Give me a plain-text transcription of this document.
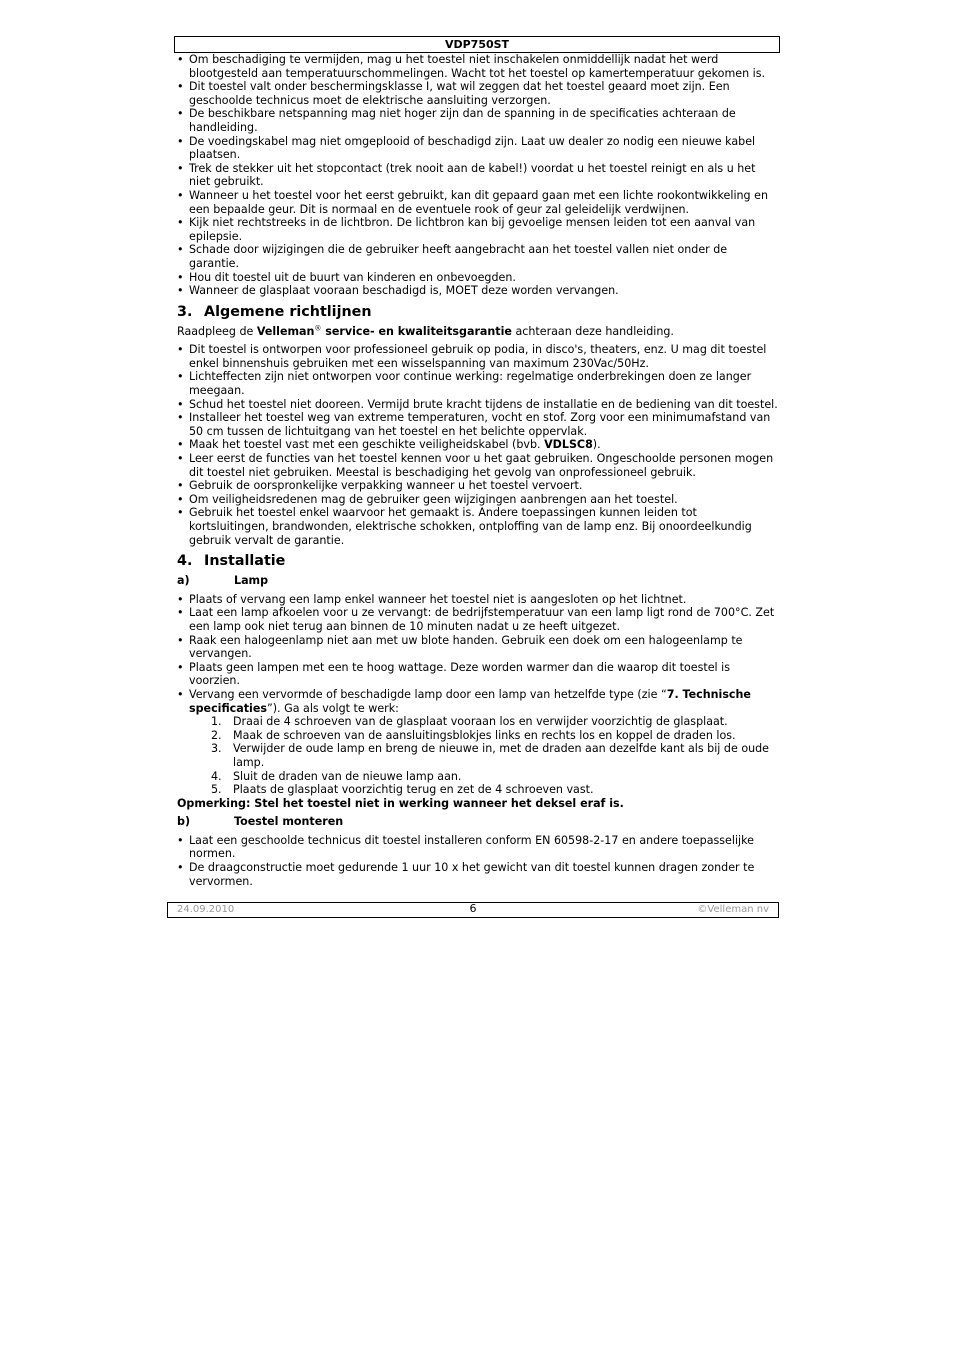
VDP750ST
• Om beschadiging te vermijden, mag u het toestel niet inschakelen onmiddellijk nadat het werd blootgesteld aan temperatuurschommelingen. Wacht tot het toestel op kamertemperatuur gekomen is.
• Dit toestel valt onder beschermingsklasse I, wat wil zeggen dat het toestel geaard moet zijn. Een geschoolde technicus moet de elektrische aansluiting verzorgen.
• De beschikbare netspanning mag niet hoger zijn dan de spanning in de specificaties achteraan de handleiding.
• De voedingskabel mag niet omgeplooid of beschadigd zijn. Laat uw dealer zo nodig een nieuwe kabel plaatsen.
• Trek de stekker uit het stopcontact (trek nooit aan de kabel!) voordat u het toestel reinigt en als u het niet gebruikt.
• Wanneer u het toestel voor het eerst gebruikt, kan dit gepaard gaan met een lichte rookontwikkeling en een bepaalde geur. Dit is normaal en de eventuele rook of geur zal geleidelijk verdwijnen.
• Kijk niet rechtstreeks in de lichtbron. De lichtbron kan bij gevoelige mensen leiden tot een aanval van epilepsie.
• Schade door wijzigingen die de gebruiker heeft aangebracht aan het toestel vallen niet onder de garantie.
• Hou dit toestel uit de buurt van kinderen en onbevoegden.
• Wanneer de glasplaat vooraan beschadigd is, MOET deze worden vervangen.
3. Algemene richtlijnen

Raadpleeg de Velleman® service- en kwaliteitsgarantie achteraan deze handleiding.

• Dit toestel is ontworpen voor professioneel gebruik op podia, in disco's, theaters, enz. U mag dit toestel enkel binnenshuis gebruiken met een wisselspanning van maximum 230Vac/50Hz.
• Lichteffecten zijn niet ontworpen voor continue werking: regelmatige onderbrekingen doen ze langer meegaan.
• Schud het toestel niet dooreen. Vermijd brute kracht tijdens de installatie en de bediening van dit toestel.
• Installeer het toestel weg van extreme temperaturen, vocht en stof. Zorg voor een minimumafstand van 50 cm tussen de lichtuitgang van het toestel en het belichte oppervlak.
• Maak het toestel vast met een geschikte veiligheidskabel (bvb. VDLSC8).
• Leer eerst de functies van het toestel kennen voor u het gaat gebruiken. Ongeschoolde personen mogen dit toestel niet gebruiken. Meestal is beschadiging het gevolg van onprofessioneel gebruik.
• Gebruik de oorspronkelijke verpakking wanneer u het toestel vervoert.
• Om veiligheidsredenen mag de gebruiker geen wijzigingen aanbrengen aan het toestel.
• Gebruik het toestel enkel waarvoor het gemaakt is. Andere toepassingen kunnen leiden tot kortsluitingen, brandwonden, elektrische schokken, ontploffing van de lamp enz. Bij onoordeelkundig gebruik vervalt de garantie.
4. Installatie

a)	Lamp

• Plaats of vervang een lamp enkel wanneer het toestel niet is aangesloten op het lichtnet.
• Laat een lamp afkoelen voor u ze vervangt: de bedrijfstemperatuur van een lamp ligt rond de 700°C. Zet een lamp ook niet terug aan binnen de 10 minuten nadat u ze heeft uitgezet.
• Raak een halogeenlamp niet aan met uw blote handen. Gebruik een doek om een halogeenlamp te vervangen.
• Plaats geen lampen met een te hoog wattage. Deze worden warmer dan die waarop dit toestel is voorzien.
• Vervang een vervormde of beschadigde lamp door een lamp van hetzelfde type (zie “7. Technische specificaties”). Ga als volgt te werk:
1. Draai de 4 schroeven van de glasplaat vooraan los en verwijder voorzichtig de glasplaat.
2. Maak de schroeven van de aansluitingsblokjes links en rechts los en koppel de draden los.
3. Verwijder de oude lamp en breng de nieuwe in, met de draden aan dezelfde kant als bij de oude lamp.
4. Sluit de draden van de nieuwe lamp aan.
5. Plaats de glasplaat voorzichtig terug en zet de 4 schroeven vast.

Opmerking: Stel het toestel niet in werking wanneer het deksel eraf is.

b)	Toestel monteren

• Laat een geschoolde technicus dit toestel installeren conform EN 60598-2-17 en andere toepasselijke normen.
• De draagconstructie moet gedurende 1 uur 10 x het gewicht van dit toestel kunnen dragen zonder te vervormen.
24.09.2010	6	©Velleman nv
